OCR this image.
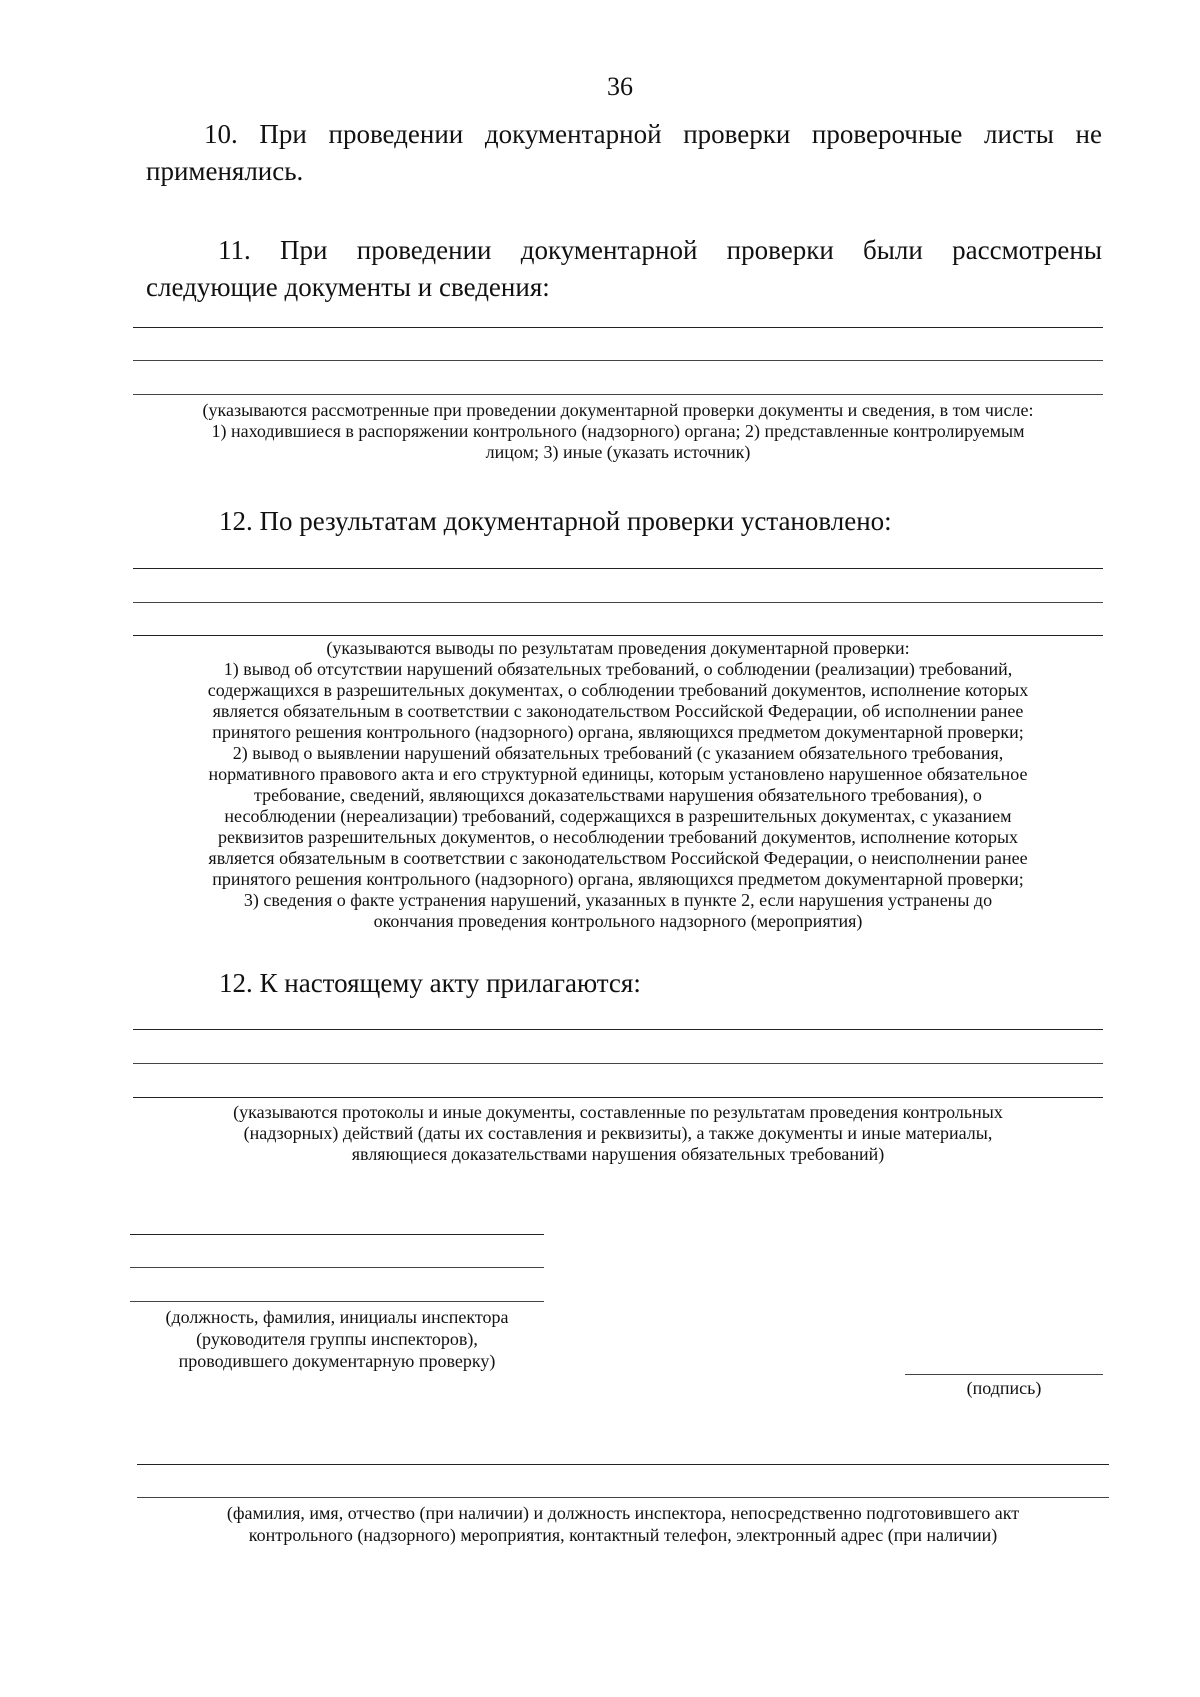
36
10. При проведении документарной проверки проверочные листы не
применялись.
11. При проведении документарной проверки были рассмотрены
следующие документы и сведения:
(указываются рассмотренные при проведении документарной проверки документы и сведения, в том числе:
1) находившиеся в распоряжении контрольного (надзорного) органа; 2) представленные контролируемым
лицом; 3) иные (указать источник)
12. По результатам документарной проверки установлено:
(указываются выводы по результатам проведения документарной проверки:
1) вывод об отсутствии нарушений обязательных требований, о соблюдении (реализации) требований,
содержащихся в разрешительных документах, о соблюдении требований документов, исполнение которых
является обязательным в соответствии с законодательством Российской Федерации, об исполнении ранее
принятого решения контрольного (надзорного) органа, являющихся предметом документарной проверки;
2) вывод о выявлении нарушений обязательных требований (с указанием обязательного требования,
нормативного правового акта и его структурной единицы, которым установлено нарушенное обязательное
требование, сведений, являющихся доказательствами нарушения обязательного требования), о
несоблюдении (нереализации) требований, содержащихся в разрешительных документах, с указанием
реквизитов разрешительных документов, о несоблюдении требований документов, исполнение которых
является обязательным в соответствии с законодательством Российской Федерации, о неисполнении ранее
принятого решения контрольного (надзорного) органа, являющихся предметом документарной проверки;
3) сведения о факте устранения нарушений, указанных в пункте 2, если нарушения устранены до
окончания проведения контрольного надзорного (мероприятия)
12. К настоящему акту прилагаются:
(указываются протоколы и иные документы, составленные по результатам проведения контрольных
(надзорных) действий (даты их составления и реквизиты), а также документы и иные материалы,
являющиеся доказательствами нарушения обязательных требований)
(должность, фамилия, инициалы инспектора
(руководителя группы инспекторов),
проводившего документарную проверку)
(подпись)
(фамилия, имя, отчество (при наличии) и должность инспектора, непосредственно подготовившего акт
контрольного (надзорного) мероприятия, контактный телефон, электронный адрес (при наличии)
